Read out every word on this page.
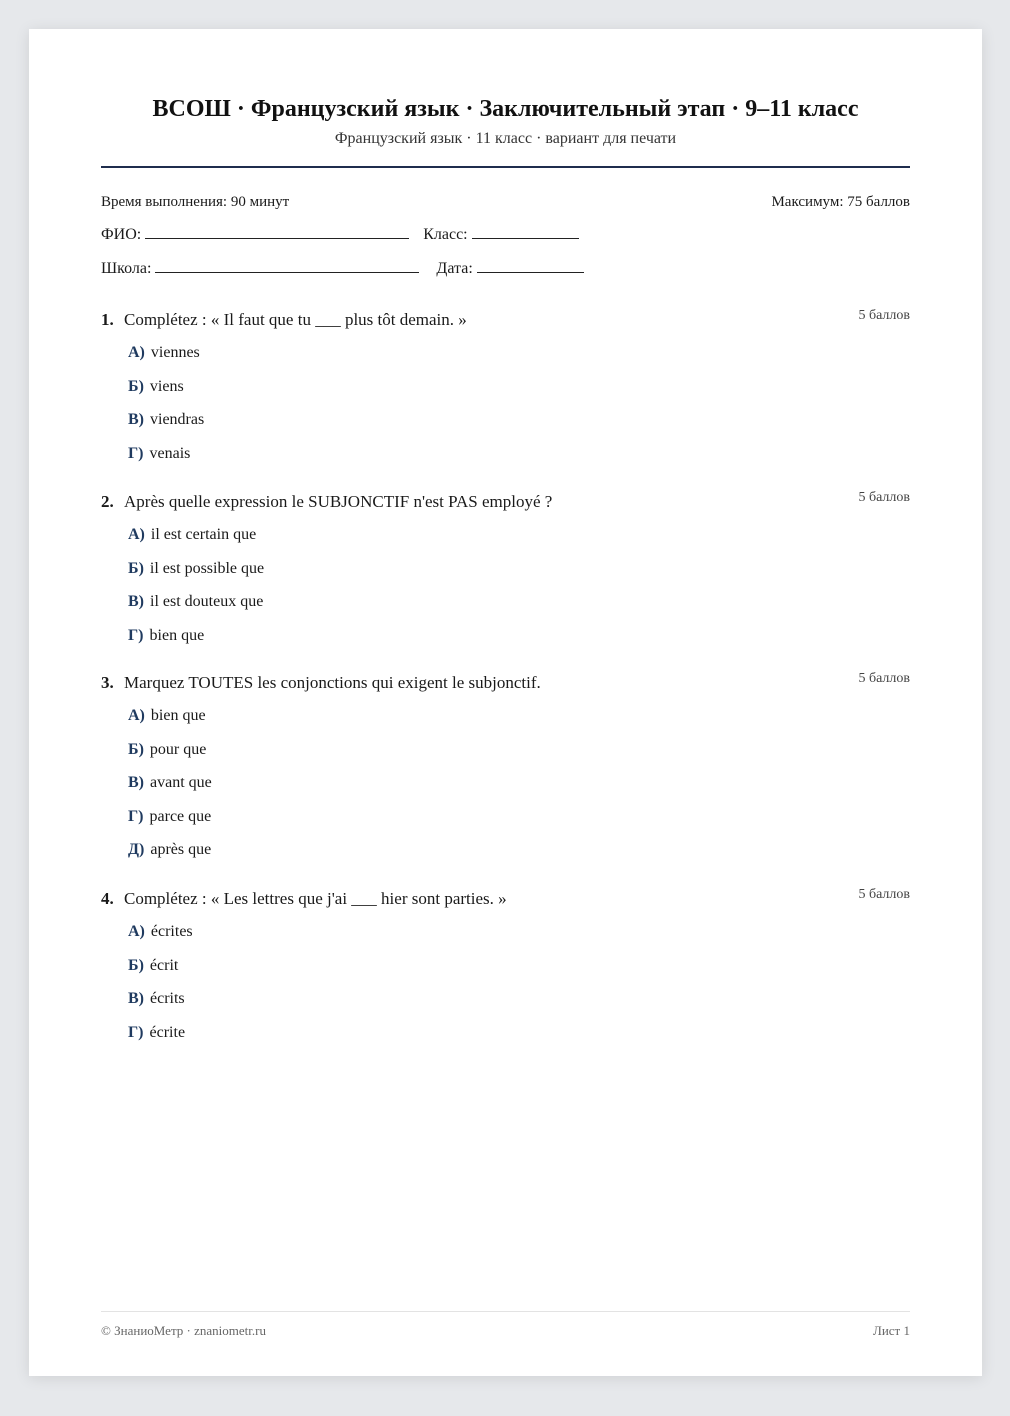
ВСОШ · Французский язык · Заключительный этап · 9–11 класс
Французский язык · 11 класс · вариант для печати
Время выполнения: 90 минут	Максимум: 75 баллов
ФИО:	Класс:
Школа:	Дата:
1. Complétez : « Il faut que tu ___ plus tôt demain. »	5 баллов
А) viennes
Б) viens
В) viendras
Г) venais
2. Après quelle expression le SUBJONCTIF n'est PAS employé ?	5 баллов
А) il est certain que
Б) il est possible que
В) il est douteux que
Г) bien que
3. Marquez TOUTES les conjonctions qui exigent le subjonctif.	5 баллов
А) bien que
Б) pour que
В) avant que
Г) parce que
Д) après que
4. Complétez : « Les lettres que j'ai ___ hier sont parties. »	5 баллов
А) écrites
Б) écrit
В) écrits
Г) écrite
© ЗнаниоМетр · znaniometr.ru	Лист 1
